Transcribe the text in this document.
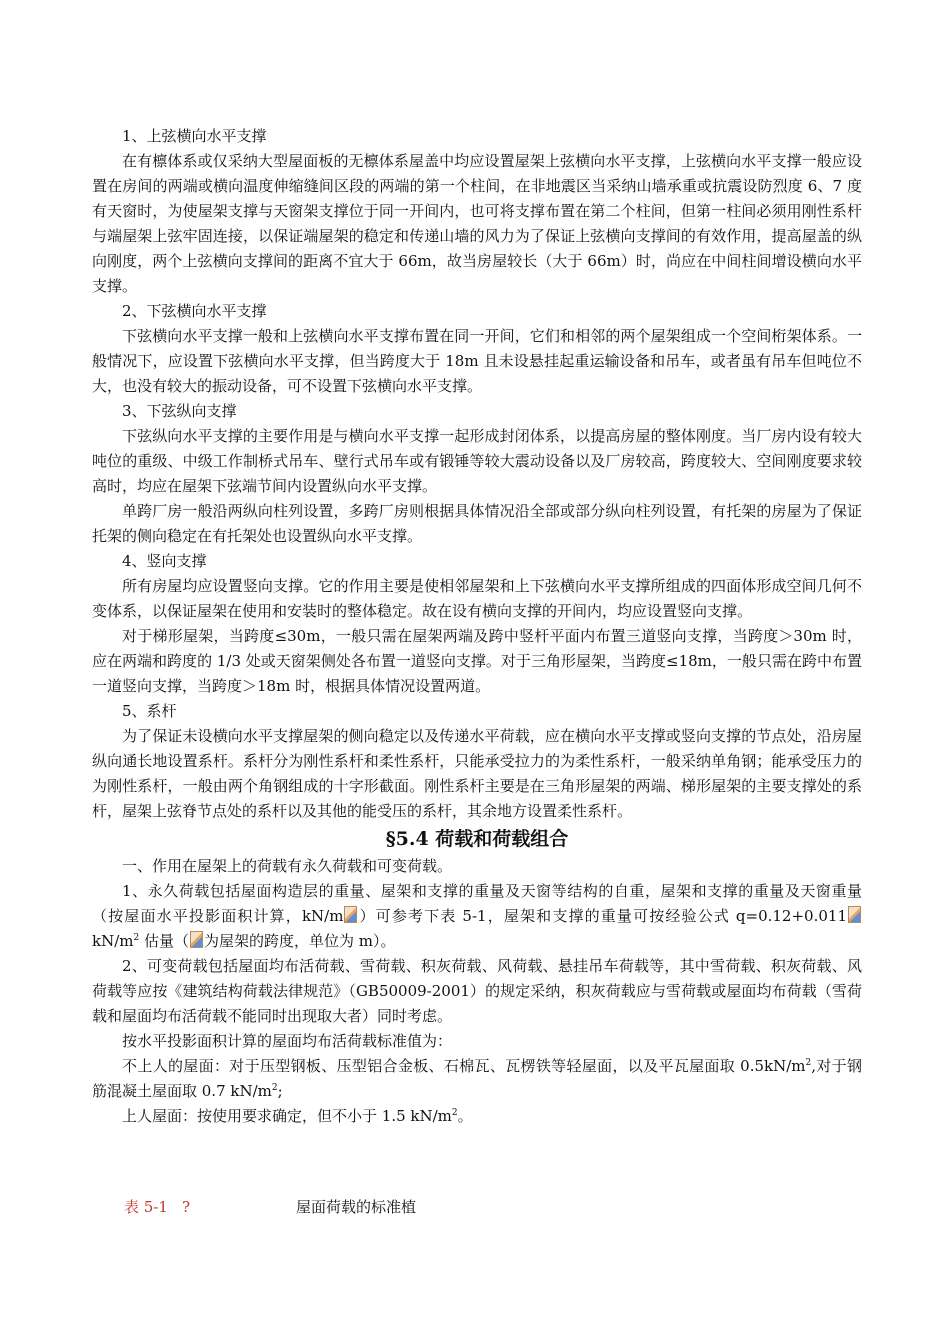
1、上弦横向水平支撑

在有檩体系或仅采纳大型屋面板的无檩体系屋盖中均应设置屋架上弦横向水平支撑，上弦横向水平支撑一般应设置在房间的两端或横向温度伸缩缝间区段的两端的第一个柱间，在非地震区当采纳山墙承重或抗震设防烈度 6、7 度有天窗时，为使屋架支撑与天窗架支撑位于同一开间内，也可将支撑布置在第二个柱间，但第一柱间必须用刚性系杆与端屋架上弦牢固连接，以保证端屋架的稳定和传递山墙的风力为了保证上弦横向支撑间的有效作用，提高屋盖的纵向刚度，两个上弦横向支撑间的距离不宜大于 66m，故当房屋较长（大于 66m）时，尚应在中间柱间增设横向水平支撑。

2、下弦横向水平支撑

下弦横向水平支撑一般和上弦横向水平支撑布置在同一开间，它们和相邻的两个屋架组成一个空间桁架体系。一般情况下，应设置下弦横向水平支撑，但当跨度大于 18m 且未设悬挂起重运输设备和吊车，或者虽有吊车但吨位不大，也没有较大的振动设备，可不设置下弦横向水平支撑。

3、下弦纵向支撑

下弦纵向水平支撑的主要作用是与横向水平支撑一起形成封闭体系，以提高房屋的整体刚度。当厂房内设有较大吨位的重级、中级工作制桥式吊车、壁行式吊车或有锻锤等较大震动设备以及厂房较高，跨度较大、空间刚度要求较高时，均应在屋架下弦端节间内设置纵向水平支撑。

单跨厂房一般沿两纵向柱列设置，多跨厂房则根据具体情况沿全部或部分纵向柱列设置，有托架的房屋为了保证托架的侧向稳定在有托架处也设置纵向水平支撑。

4、竖向支撑

所有房屋均应设置竖向支撑。它的作用主要是使相邻屋架和上下弦横向水平支撑所组成的四面体形成空间几何不变体系，以保证屋架在使用和安装时的整体稳定。故在设有横向支撑的开间内，均应设置竖向支撑。

对于梯形屋架，当跨度≤30m，一般只需在屋架两端及跨中竖杆平面内布置三道竖向支撑，当跨度＞30m 时，应在两端和跨度的 1/3 处或天窗架侧处各布置一道竖向支撑。对于三角形屋架，当跨度≤18m，一般只需在跨中布置一道竖向支撑，当跨度＞18m 时，根据具体情况设置两道。

5、系杆

为了保证未设横向水平支撑屋架的侧向稳定以及传递水平荷载，应在横向水平支撑或竖向支撑的节点处，沿房屋纵向通长地设置系杆。系杆分为刚性系杆和柔性系杆，只能承受拉力的为柔性系杆，一般采纳单角钢；能承受压力的为刚性系杆，一般由两个角钢组成的十字形截面。刚性系杆主要是在三角形屋架的两端、梯形屋架的主要支撑处的系杆，屋架上弦脊节点处的系杆以及其他的能受压的系杆，其余地方设置柔性系杆。

§5.4 荷载和荷载组合

一、作用在屋架上的荷载有永久荷载和可变荷载。

1、永久荷载包括屋面构造层的重量、屋架和支撑的重量及天窗等结构的自重，屋架和支撑的重量及天窗重量（按屋面水平投影面积计算，kN/m ）可参考下表 5-1，屋架和支撑的重量可按经验公式 $q=0.12+0.011kN/m^2$ 估量（ 为屋架的跨度，单位为 m）。

2、可变荷载包括屋面均布活荷载、雪荷载、积灰荷载、风荷载、悬挂吊车荷载等，其中雪荷载、积灰荷载、风荷载等应按《建筑结构荷载法律规范》（GB50009-2001）的规定采纳，积灰荷载应与雪荷载或屋面均布荷载（雪荷载和屋面均布活荷载不能同时出现取大者）同时考虑。

按水平投影面积计算的屋面均布活荷载标准值为：

不上人的屋面：对于压型钢板、压型铝合金板、石棉瓦、瓦楞铁等轻屋面，以及平瓦屋面取 $0.5kN/m^2$,对于钢筋混凝土屋面取 0.7 $kN/m^2$;

上人屋面：按使用要求确定，但不小于 1.5 $kN/m^2$。

表 5-1 ?	屋面荷载的标准植
